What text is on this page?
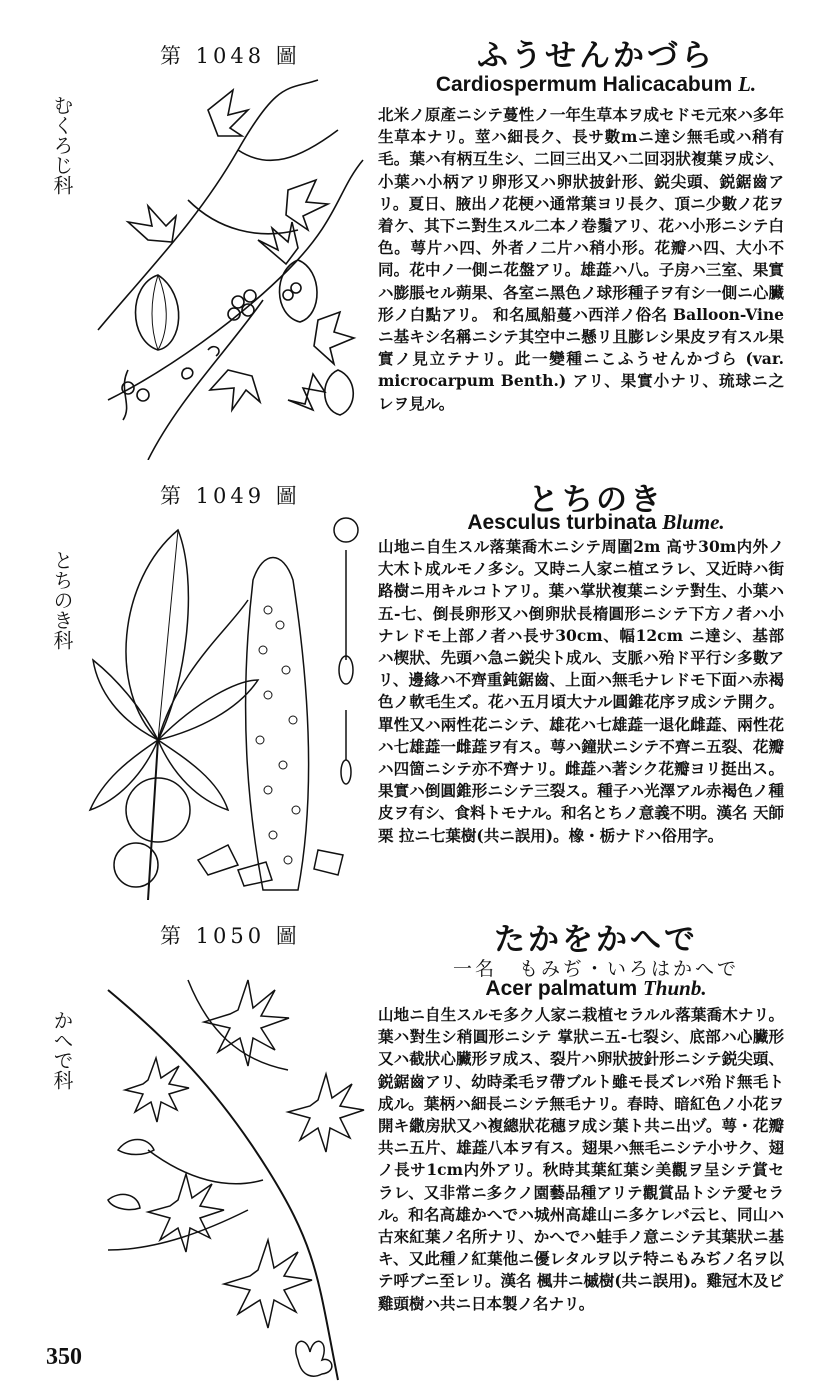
第 1048 圖
むくろじ科
ふうせんかづら
Cardiospermum Halicacabum L.
北米ノ原產ニシテ蔓性ノ一年生草本ヲ成セドモ元來ハ多年生草本ナリ。莖ハ細長ク、長サ數mニ達シ無毛或ハ稍有毛。葉ハ有柄互生シ、二回三出又ハ二回羽狀複葉ヲ成シ、小葉ハ小柄アリ卵形又ハ卵狀披針形、鋭尖頭、鋭鋸齒アリ。夏日、腋出ノ花梗ハ通常葉ヨリ長ク、頂ニ少數ノ花ヲ着ケ、其下ニ對生スル二本ノ卷鬚アリ、花ハ小形ニシテ白色。萼片ハ四、外者ノ二片ハ稍小形。花瓣ハ四、大小不同。花中ノ一側ニ花盤アリ。雄蕋ハ八。子房ハ三室、果實ハ膨脹セル蒴果、各室ニ黑色ノ球形種子ヲ有シ一側ニ心臟形ノ白點アリ。 和名風船蔓ハ西洋ノ俗名 Balloon-Vine ニ基キシ名稱ニシテ其空中ニ懸リ且膨レシ果皮ヲ有スル果實ノ見立テナリ。此一變種ニこふうせんかづら (var. microcarpum Benth.) アリ、果實小ナリ、琉球ニ之レヲ見ル。
第 1049 圖
とちのき科
とちのき
Aesculus turbinata Blume.
山地ニ自生スル落葉喬木ニシテ周圍2m 高サ30m内外ノ大木ト成ルモノ多シ。又時ニ人家ニ植ヱラレ、又近時ハ街路樹ニ用キルコトアリ。葉ハ掌狀複葉ニシテ對生、小葉ハ五-七、倒長卵形又ハ倒卵狀長楕圓形ニシテ下方ノ者ハ小ナレドモ上部ノ者ハ長サ30cm、幅12cm ニ達シ、基部ハ楔狀、先頭ハ急ニ鋭尖ト成ル、支脈ハ殆ド平行シ多數アリ、邊緣ハ不齊重鈍鋸齒、上面ハ無毛ナレドモ下面ハ赤褐色ノ軟毛生ズ。花ハ五月頃大ナル圓錐花序ヲ成シテ開ク。單性又ハ兩性花ニシテ、雄花ハ七雄蕋一退化雌蕋、兩性花ハ七雄蕋一雌蕋ヲ有ス。萼ハ鐘狀ニシテ不齊ニ五裂、花瓣ハ四箇ニシテ亦不齊ナリ。雌蕋ハ著シク花瓣ヨリ挺出ス。果實ハ倒圓錐形ニシテ三裂ス。種子ハ光澤アル赤褐色ノ種皮ヲ有シ、食料トモナル。和名とちノ意義不明。漢名 天師栗 拉ニ七葉樹(共ニ誤用)。橡・栃ナドハ俗用字。
第 1050 圖
かへで科
たかをかへで
一名　もみぢ・いろはかへで
Acer palmatum Thunb.
山地ニ自生スルモ多ク人家ニ栽植セラルル落葉喬木ナリ。 葉ハ對生シ稍圓形ニシテ 掌狀ニ五-七裂シ、底部ハ心臟形又ハ截狀心臟形ヲ成ス、裂片ハ卵狀披針形ニシテ鋭尖頭、鋭鋸齒アリ、幼時柔毛ヲ帶ブルト雖モ長ズレバ殆ド無毛ト成ル。葉柄ハ細長ニシテ無毛ナリ。春時、暗紅色ノ小花ヲ開キ繖房狀又ハ複總狀花穗ヲ成シ葉ト共ニ出ヅ。萼・花瓣共ニ五片、雄蕋八本ヲ有ス。翅果ハ無毛ニシテ小サク、翅ノ長サ1cm内外アリ。秋時其葉紅葉シ美觀ヲ呈シテ賞セラレ、又非常ニ多クノ園藝品種アリテ觀賞品トシテ愛セラル。和名高雄かへでハ城州高雄山ニ多ケレバ云ヒ、同山ハ古來紅葉ノ名所ナリ、かへでハ蛙手ノ意ニシテ其葉狀ニ基キ、又此種ノ紅葉他ニ優レタルヲ以テ特ニもみぢノ名ヲ以テ呼ブニ至レリ。漢名 楓井ニ槭樹(共ニ誤用)。雞冠木及ビ雞頭樹ハ共ニ日本製ノ名ナリ。
350
